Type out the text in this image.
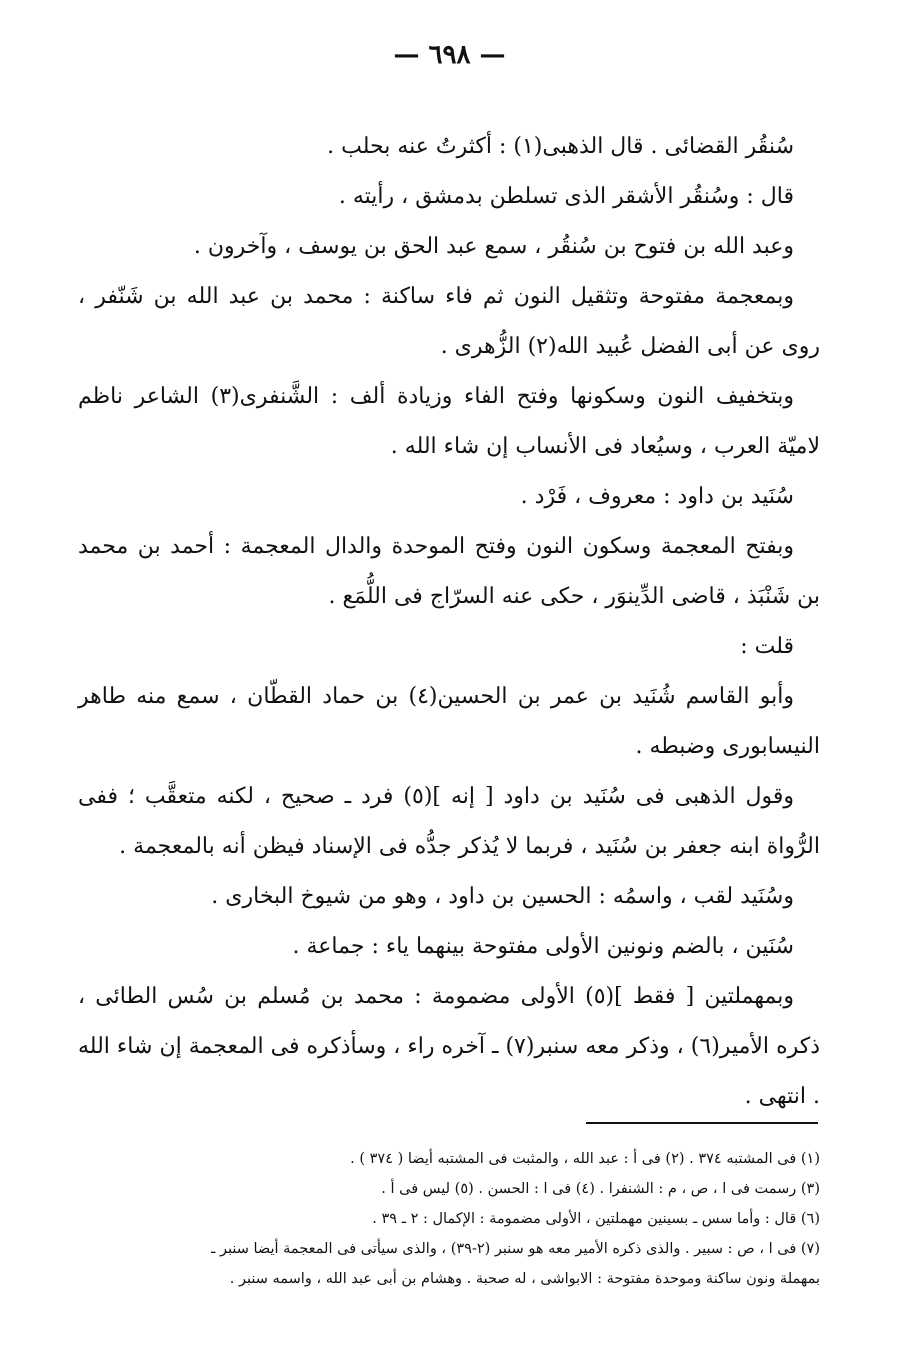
— ٦٩٨ —

سُنقُر القضائى . قال الذهبى(١) : أكثرتُ عنه بحلب .

قال : وسُنقُر الأشقر الذى تسلطن بدمشق ، رأيته .

وعبد الله بن فتوح بن سُنقُر ، سمع عبد الحق بن يوسف ، وآخرون .

وبمعجمة مفتوحة وتثقيل النون ثم فاء ساكنة : محمد بن عبد الله بن شَنّفر ، روى عن أبى الفضل عُبيد الله(٢) الزُّهرى .

وبتخفيف النون وسكونها وفتح الفاء وزيادة ألف : الشَّنفرى(٣) الشاعر ناظم لاميّة العرب ، وسيُعاد فى الأنساب إن شاء الله .

سُنَيد بن داود : معروف ، فَرْد .

وبفتح المعجمة وسكون النون وفتح الموحدة والدال المعجمة : أحمد بن محمد بن شَنْبَذ ، قاضى الدِّينوَر ، حكى عنه السرّاج فى اللُّمَع .

قلت :

وأبو القاسم شُنَيد بن عمر بن الحسين(٤) بن حماد القطّان ، سمع منه طاهر النيسابورى وضبطه .

وقول الذهبى فى سُنَيد بن داود [ إنه ](٥) فرد ـ صحيح ، لكنه متعقَّب ؛ ففى الرُّواة ابنه جعفر بن سُنَيد ، فربما لا يُذكر جدُّه فى الإسناد فيظن أنه بالمعجمة .

وسُنَيد لقب ، واسمُه : الحسين بن داود ، وهو من شيوخ البخارى .

سُنَين ، بالضم ونونين الأولى مفتوحة بينهما ياء : جماعة .

وبمهملتين [ فقط ](٥) الأولى مضمومة : محمد بن مُسلم بن سُس الطائى ، ذكره الأمير(٦) ، وذكر معه سنبر(٧) ـ آخره راء ، وسأذكره فى المعجمة إن شاء الله . انتهى .

(١) فى المشتبه ٣٧٤ . (٢) فى أ : عبد الله ، والمثبت فى المشتبه أيضا ( ٣٧٤ ) .

(٣) رسمت فى ا ، ص ، م : الشنفرا . (٤) فى ا : الحسن . (٥) ليس فى أ .

(٦) قال : وأما سس ـ بسينين مهملتين ، الأولى مضمومة : الإكمال : ٢ ـ ٣٩ .

(٧) فى ا ، ص : سبير . والذى ذكره الأمير معه هو سنبر (٢-٣٩) ، والذى سيأتى فى المعجمة أيضا سنبر ـ

بمهملة ونون ساكنة وموحدة مفتوحة : الابواشى ، له صحبة . وهشام بن أبى عبد الله ، واسمه سنبر .
